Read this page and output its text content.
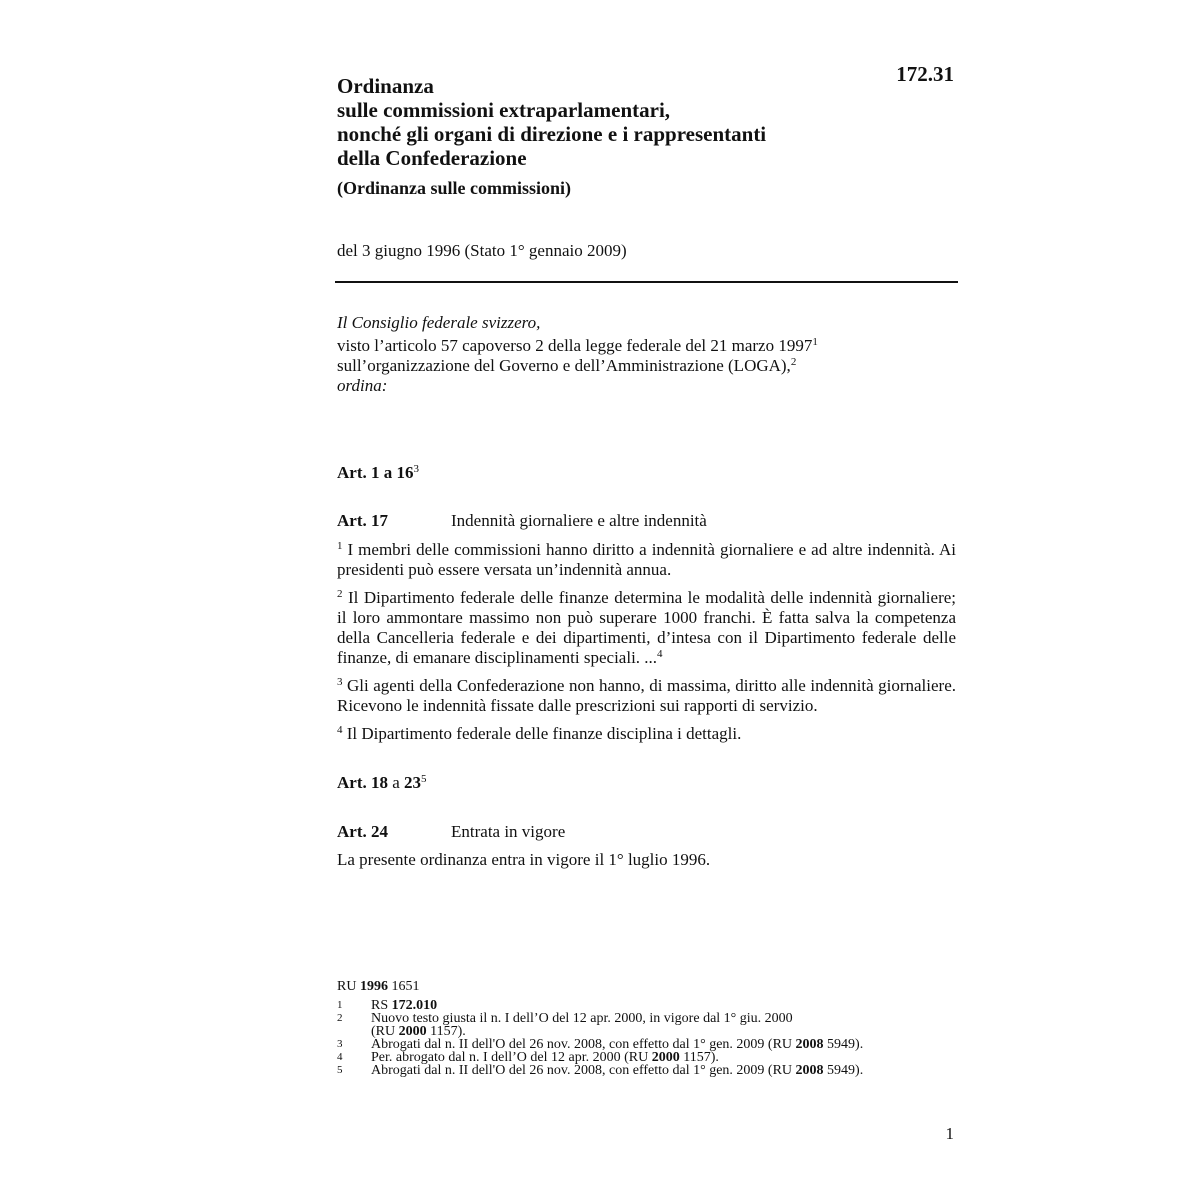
172.31
Ordinanza
sulle commissioni extraparlamentari,
nonché gli organi di direzione e i rappresentanti
della Confederazione
(Ordinanza sulle commissioni)
del 3 giugno 1996 (Stato 1° gennaio 2009)
Il Consiglio federale svizzero,
visto l’articolo 57 capoverso 2 della legge federale del 21 marzo 1997$^1$
sull’organizzazione del Governo e dell’Amministrazione (LOGA),$^2$
ordina:
Art. 1 a $16^3$
Art. 17	Indennità giornaliere e altre indennità

$^1$ I membri delle commissioni hanno diritto a indennità giornaliere e ad altre indennità. Ai presidenti può essere versata un’indennità annua.

$^2$ Il Dipartimento federale delle finanze determina le modalità delle indennità giornaliere; il loro ammontare massimo non può superare 1000 franchi. È fatta salva la competenza della Cancelleria federale e dei dipartimenti, d’intesa con il Dipartimento federale delle finanze, di emanare disciplinamenti speciali. ...$^4$

$^3$ Gli agenti della Confederazione non hanno, di massima, diritto alle indennità giornaliere. Ricevono le indennità fissate dalle prescrizioni sui rapporti di servizio.

$^4$ Il Dipartimento federale delle finanze disciplina i dettagli.

Art. 18 a $23^5$
Art. 24	Entrata in vigore

La presente ordinanza entra in vigore il 1° luglio 1996.

RU 1996 1651
1	RS 172.010
2	Nuovo testo giusta il n. I dell’O del 12 apr. 2000, in vigore dal 1° giu. 2000
(RU 2000 1157).
3	Abrogati dal n. II dell'O del 26 nov. 2008, con effetto dal 1° gen. 2009 (RU 2008 5949).
4	Per. abrogato dal n. I dell’O del 12 apr. 2000 (RU 2000 1157).
5	Abrogati dal n. II dell'O del 26 nov. 2008, con effetto dal 1° gen. 2009 (RU 2008 5949).
1
